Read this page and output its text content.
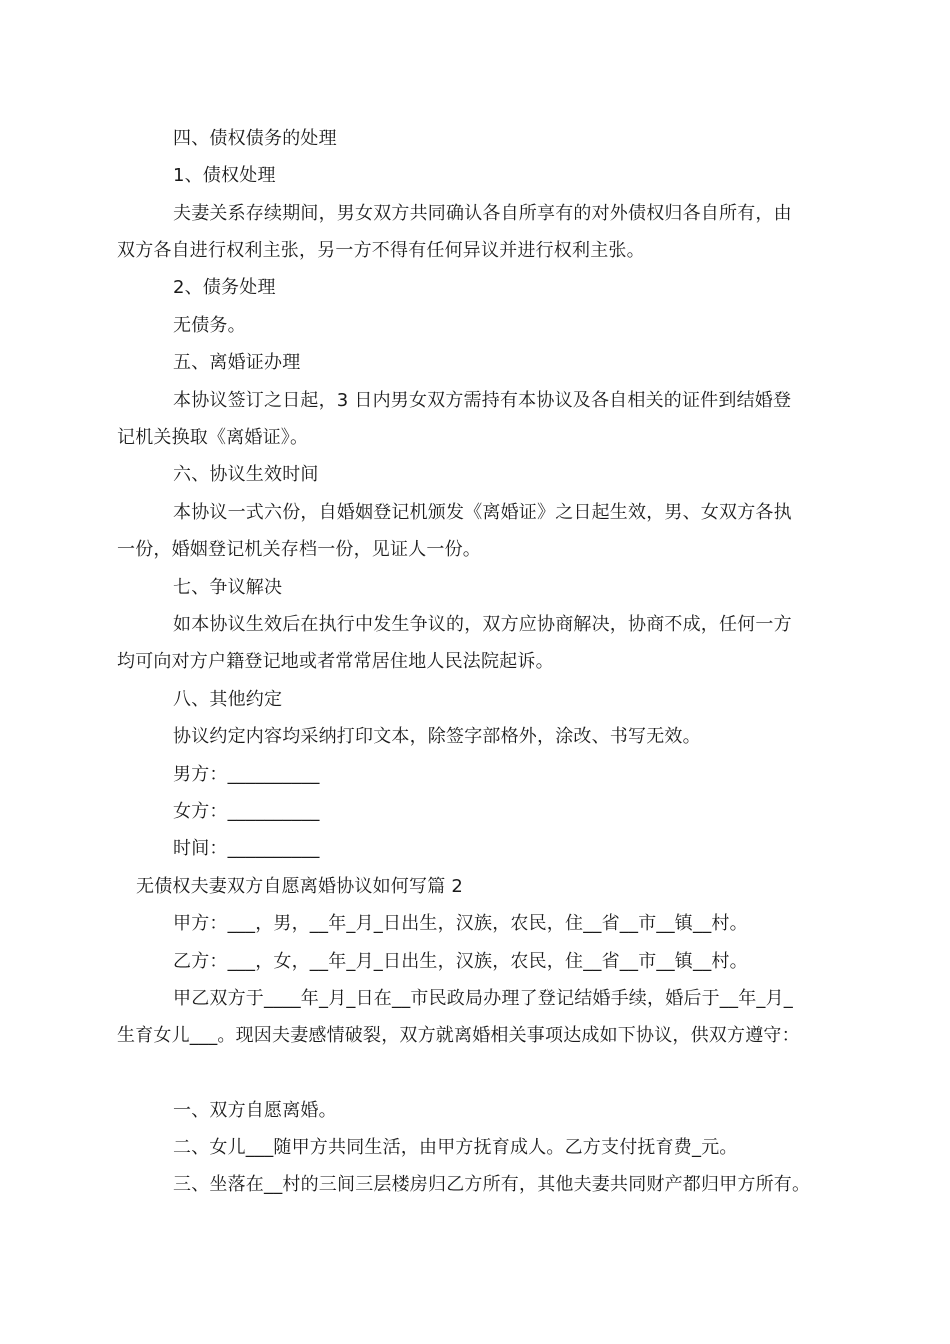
四、债权债务的处理
1、债权处理
夫妻关系存续期间，男女双方共同确认各自所享有的对外债权归各自所有，由
双方各自进行权利主张，另一方不得有任何异议并进行权利主张。
2、债务处理
无债务。
五、离婚证办理
本协议签订之日起，3 日内男女双方需持有本协议及各自相关的证件到结婚登
记机关换取《离婚证》。
六、协议生效时间
本协议一式六份，自婚姻登记机颁发《离婚证》之日起生效，男、女双方各执
一份，婚姻登记机关存档一份，见证人一份。
七、争议解决
如本协议生效后在执行中发生争议的，双方应协商解决，协商不成，任何一方
均可向对方户籍登记地或者常常居住地人民法院起诉。
八、其他约定
协议约定内容均采纳打印文本，除签字部格外，涂改、书写无效。
男方：__________
女方：__________
时间：__________
无债权夫妻双方自愿离婚协议如何写篇 2
甲方：___，男，__年_月_日出生，汉族，农民，住__省__市__镇__村。
乙方：___，女，__年_月_日出生，汉族，农民，住__省__市__镇__村。
甲乙双方于____年_月_日在__市民政局办理了登记结婚手续，婚后于__年_月_
生育女儿___。现因夫妻感情破裂，双方就离婚相关事项达成如下协议，供双方遵守：
一、双方自愿离婚。
二、女儿___随甲方共同生活，由甲方抚育成人。乙方支付抚育费_元。
三、坐落在__村的三间三层楼房归乙方所有，其他夫妻共同财产都归甲方所有。
